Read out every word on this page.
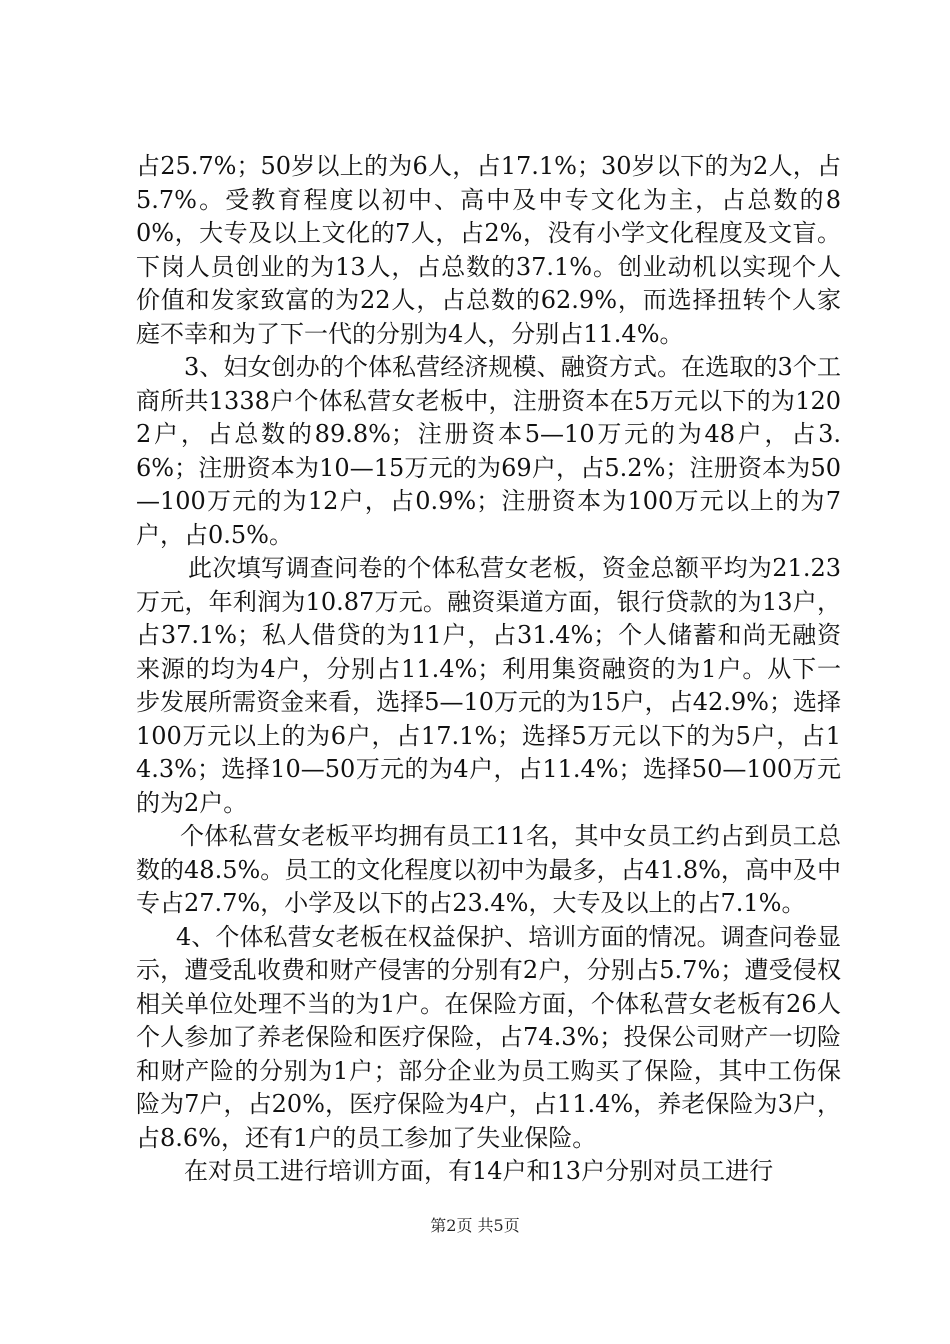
占25.7%；50岁以上的为6人，占17.1%；30岁以下的为2人，占5.7%。受教育程度以初中、高中及中专文化为主，占总数的80%，大专及以上文化的7人，占2%，没有小学文化程度及文盲。下岗人员创业的为13人，占总数的37.1%。创业动机以实现个人价值和发家致富的为22人，占总数的62.9%，而选择扭转个人家庭不幸和为了下一代的分别为4人，分别占11.4%。

3、妇女创办的个体私营经济规模、融资方式。在选取的3个工商所共1338户个体私营女老板中，注册资本在5万元以下的为1202户，占总数的89.8%；注册资本5—10万元的为48户，占3.6%；注册资本为10—15万元的为69户，占5.2%；注册资本为50—100万元的为12户，占0.9%；注册资本为100万元以上的为7户，占0.5%。

此次填写调查问卷的个体私营女老板，资金总额平均为21.23万元，年利润为10.87万元。融资渠道方面，银行贷款的为13户，占37.1%；私人借贷的为11户，占31.4%；个人储蓄和尚无融资来源的均为4户，分别占11.4%；利用集资融资的为1户。从下一步发展所需资金来看，选择5—10万元的为15户，占42.9%；选择100万元以上的为6户，占17.1%；选择5万元以下的为5户，占14.3%；选择10—50万元的为4户，占11.4%；选择50—100万元的为2户。

个体私营女老板平均拥有员工11名，其中女员工约占到员工总数的48.5%。员工的文化程度以初中为最多，占41.8%，高中及中专占27.7%，小学及以下的占23.4%，大专及以上的占7.1%。

4、个体私营女老板在权益保护、培训方面的情况。调查问卷显示，遭受乱收费和财产侵害的分别有2户，分别占5.7%；遭受侵权相关单位处理不当的为1户。在保险方面，个体私营女老板有26人个人参加了养老保险和医疗保险，占74.3%；投保公司财产一切险和财产险的分别为1户；部分企业为员工购买了保险，其中工伤保险为7户，占20%，医疗保险为4户，占11.4%，养老保险为3户，占8.6%，还有1户的员工参加了失业保险。

在对员工进行培训方面，有14户和13户分别对员工进行

第2页 共5页
